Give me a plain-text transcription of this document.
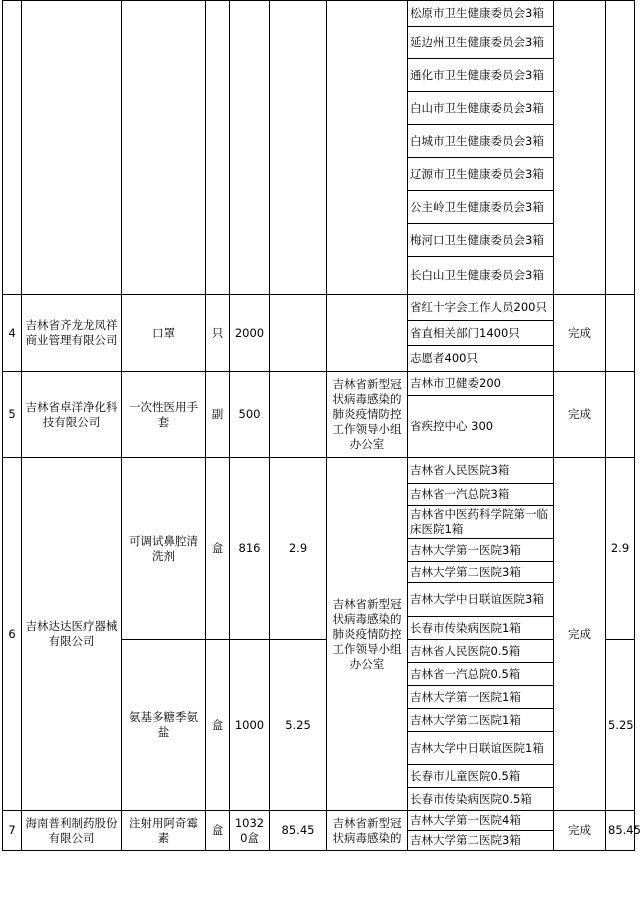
							松原市卫生健康委员会3箱		
							延边州卫生健康委员会3箱		
							通化市卫生健康委员会3箱		
							白山市卫生健康委员会3箱		
							白城市卫生健康委员会3箱		
							辽源市卫生健康委员会3箱		
							公主岭卫生健康委员会3箱		
							梅河口卫生健康委员会3箱		
							长白山卫生健康委员会3箱		
4	吉林省齐龙龙凤祥商业管理有限公司	口罩	只	2000			省红十字会工作人员200只	完成	
							省直相关部门1400只		
							志愿者400只		
5	吉林省卓洋净化科技有限公司	一次性医用手套	副	500		吉林省新型冠状病毒感染的肺炎疫情防控工作领导小组办公室	吉林市卫健委200	完成	
							省疾控中心 300		
6	吉林达达医疗器械有限公司	可调试鼻腔清洗剂	盒	816	2.9	吉林省新型冠状病毒感染的肺炎疫情防控工作领导小组办公室	吉林省人民医院3箱	完成	2.9
							吉林省一汽总院3箱		
							吉林省中医药科学院第一临床医院1箱		
							吉林大学第一医院3箱		
							吉林大学第二医院3箱		
							吉林大学中日联谊医院3箱		
							长春市传染病医院1箱		
		氨基多糖季氨盐	盒	1000	5.25		吉林省人民医院0.5箱		5.25
							吉林省一汽总院0.5箱		
							吉林大学第一医院1箱		
							吉林大学第二医院1箱		
							吉林大学中日联谊医院1箱		
							长春市儿童医院0.5箱		
							长春市传染病医院0.5箱		
7	海南普利制药股份有限公司	注射用阿奇霉素	盒	10320盒	85.45	吉林省新型冠状病毒感染的	吉林大学第一医院4箱	完成	85.45
							吉林大学第二医院3箱		
